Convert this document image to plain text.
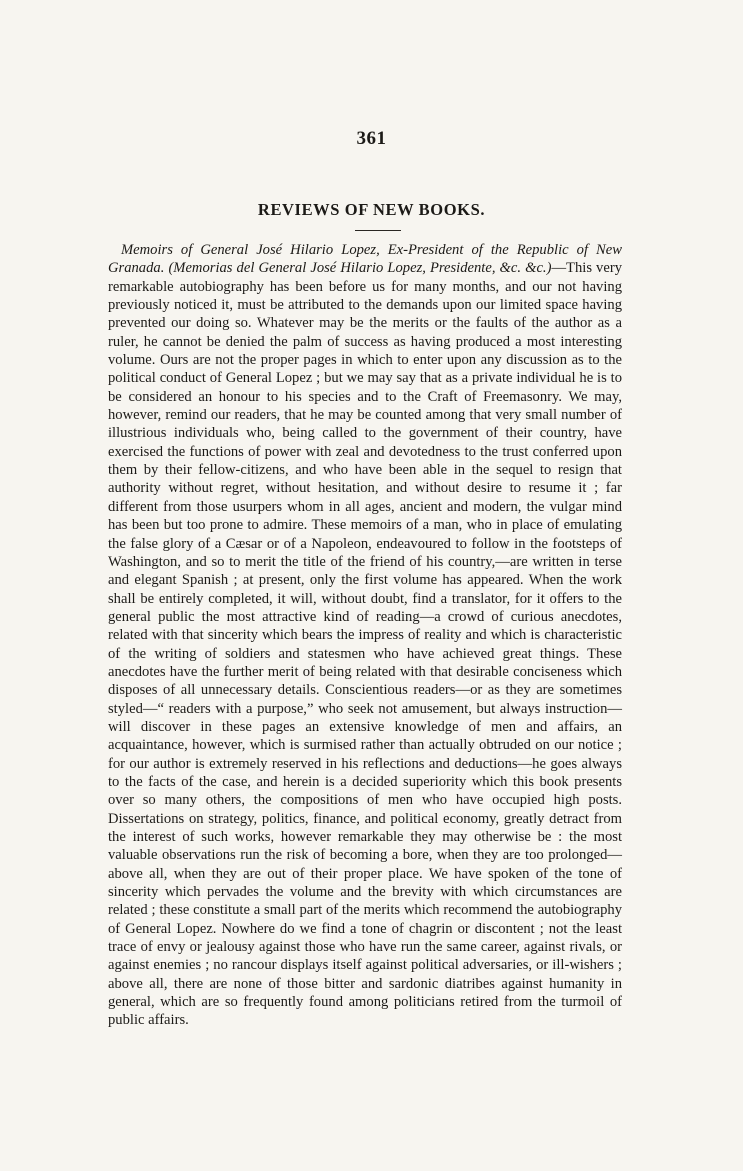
361
REVIEWS OF NEW BOOKS.

Memoirs of General José Hilario Lopez, Ex-President of the Republic of New Granada. (Memorias del General José Hilario Lopez, Presidente, &c. &c.)—This very remarkable autobiography has been before us for many months, and our not having previously noticed it, must be attributed to the demands upon our limited space having prevented our doing so. Whatever may be the merits or the faults of the author as a ruler, he cannot be denied the palm of success as having produced a most interesting volume. Ours are not the proper pages in which to enter upon any discussion as to the political conduct of General Lopez ; but we may say that as a private individual he is to be considered an honour to his species and to the Craft of Freemasonry. We may, however, remind our readers, that he may be counted among that very small number of illustrious individuals who, being called to the government of their country, have exercised the functions of power with zeal and devotedness to the trust conferred upon them by their fellow-citizens, and who have been able in the sequel to resign that authority without regret, without hesitation, and without desire to resume it ; far different from those usurpers whom in all ages, ancient and modern, the vulgar mind has been but too prone to admire. These memoirs of a man, who in place of emulating the false glory of a Cæsar or of a Napoleon, endeavoured to follow in the footsteps of Washington, and so to merit the title of the friend of his country,—are written in terse and elegant Spanish ; at present, only the first volume has appeared. When the work shall be entirely completed, it will, without doubt, find a translator, for it offers to the general public the most attractive kind of reading—a crowd of curious anecdotes, related with that sincerity which bears the impress of reality and which is characteristic of the writing of soldiers and statesmen who have achieved great things. These anecdotes have the further merit of being related with that desirable conciseness which disposes of all unnecessary details. Conscientious readers—or as they are sometimes styled—“ readers with a purpose,” who seek not amusement, but always instruction—will discover in these pages an extensive knowledge of men and affairs, an acquaintance, however, which is surmised rather than actually obtruded on our notice ; for our author is extremely reserved in his reflections and deductions—he goes always to the facts of the case, and herein is a decided superiority which this book presents over so many others, the compositions of men who have occupied high posts. Dissertations on strategy, politics, finance, and political economy, greatly detract from the interest of such works, however remarkable they may otherwise be : the most valuable observations run the risk of becoming a bore, when they are too prolonged—above all, when they are out of their proper place. We have spoken of the tone of sincerity which pervades the volume and the brevity with which circumstances are related ; these constitute a small part of the merits which recommend the autobiography of General Lopez. Nowhere do we find a tone of chagrin or discontent ; not the least trace of envy or jealousy against those who have run the same career, against rivals, or against enemies ; no rancour displays itself against political adversaries, or ill-wishers ; above all, there are none of those bitter and sardonic diatribes against humanity in general, which are so frequently found among politicians retired from the turmoil of public affairs.
